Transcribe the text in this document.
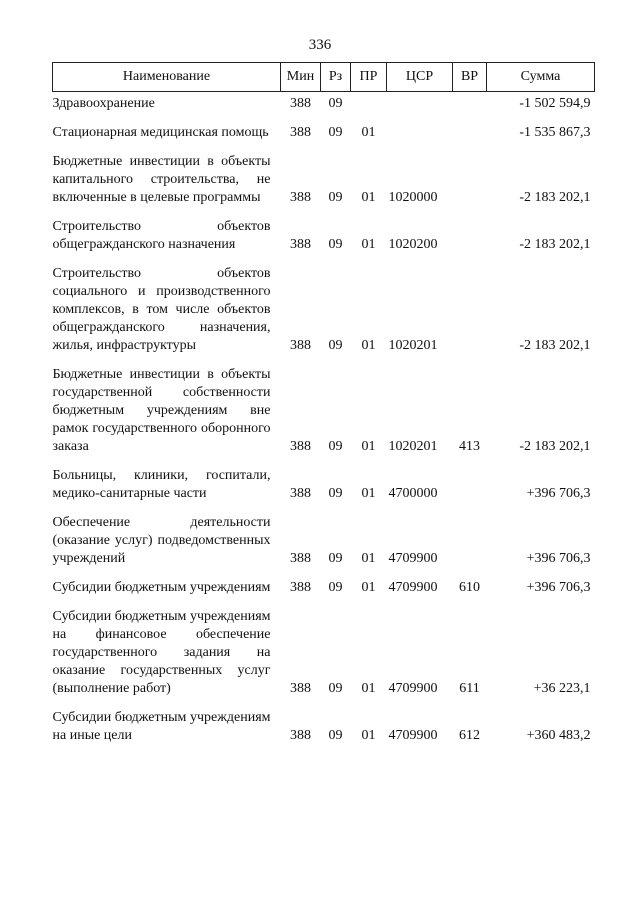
336
Наименование	Мин	Рз	ПР	ЦСР	ВР	Сумма
Здравоохранение	388	09				-1 502 594,9
Стационарная медицинская помощь	388	09	01			-1 535 867,3
Бюджетные инвестиции в объекты капитального строительства, не включенные в целевые программы	388	09	01	1020000		-2 183 202,1
Строительство объектов общегражданского назначения	388	09	01	1020200		-2 183 202,1
Строительство объектов социального и производственного комплексов, в том числе объектов общегражданского назначения, жилья, инфраструктуры	388	09	01	1020201		-2 183 202,1
Бюджетные инвестиции в объекты государственной собственности бюджетным учреждениям вне рамок государственного оборонного заказа	388	09	01	1020201	413	-2 183 202,1
Больницы, клиники, госпитали, медико-санитарные части	388	09	01	4700000		+396 706,3
Обеспечение деятельности (оказание услуг) подведомственных учреждений	388	09	01	4709900		+396 706,3
Субсидии бюджетным учреждениям	388	09	01	4709900	610	+396 706,3
Субсидии бюджетным учреждениям на финансовое обеспечение государственного задания на оказание государственных услуг (выполнение работ)	388	09	01	4709900	611	+36 223,1
Субсидии бюджетным учреждениям на иные цели	388	09	01	4709900	612	+360 483,2
